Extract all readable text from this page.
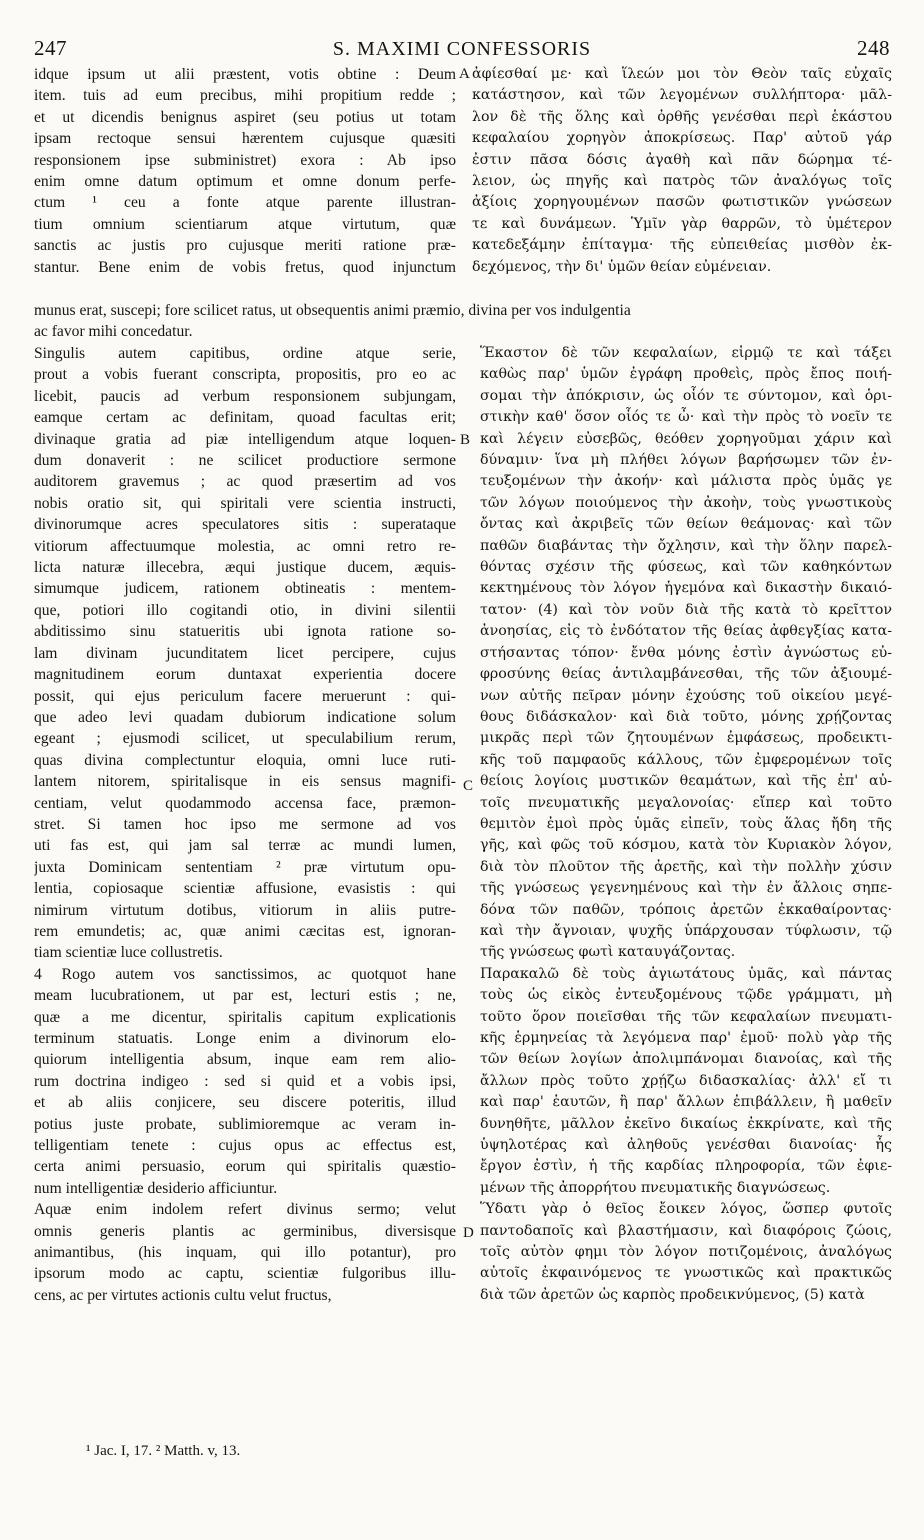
247	S. MAXIMI CONFESSORIS	248
idque ipsum ut alii præstent, votis obtine : Deum
item. tuis ad eum precibus, mihi propitium redde ;
et ut dicendis benignus aspiret (seu potius ut totam
ipsam rectoque sensui hærentem cujusque quæsiti
responsionem ipse subministret) exora : Ab ipso
enim omne datum optimum et omne donum perfe-
ctum ¹ ceu a fonte atque parente illustran-
tium omnium scientiarum atque virtutum, quæ
sanctis ac justis pro cujusque meriti ratione præ-
stantur. Bene enim de vobis fretus, quod injunctum
ἀφίεσθαί με· καὶ ἵλεών μοι τὸν Θεὸν ταῖς εὐχαῖς
κατάστησον, καὶ τῶν λεγομένων συλλήπτορα· μᾶλ-
λον δὲ τῆς ὅλης καὶ ὀρθῆς γενέσθαι περὶ ἑκάστου
κεφαλαίου χορηγὸν ἀποκρίσεως. Παρ' αὐτοῦ γάρ
ἐστιν πᾶσα δόσις ἀγαθὴ καὶ πᾶν δώρημα τέ-
λειον, ὡς πηγῆς καὶ πατρὸς τῶν ἀναλόγως τοῖς
ἀξίοις χορηγουμένων πασῶν φωτιστικῶν γνώσεων
τε καὶ δυνάμεων. Ὑμῖν γὰρ θαρρῶν, τὸ ὑμέτερον
κατεδεξάμην ἐπίταγμα· τῆς εὐπειθείας μισθὸν ἐκ-
δεχόμενος, τὴν δι' ὑμῶν θείαν εὐμένειαν.
A
munus erat, suscepi; fore scilicet ratus, ut obsequentis animi præmio, divina per vos indulgentia
ac favor mihi concedatur.
Singulis autem capitibus, ordine atque serie,
prout a vobis fuerant conscripta, propositis, pro eo ac
licebit, paucis ad verbum responsionem subjungam,
eamque certam ac definitam, quoad facultas erit;
divinaque gratia ad piæ intelligendum atque loquen-
dum donaverit : ne scilicet productiore sermone
auditorem gravemus ; ac quod præsertim ad vos
nobis oratio sit, qui spiritali vere scientia instructi,
divinorumque acres speculatores sitis : superataque
vitiorum affectuumque molestia, ac omni retro re-
licta naturæ illecebra, æqui justique ducem, æquis-
simumque judicem, rationem obtineatis : mentem-
que, potiori illo cogitandi otio, in divini silentii
abditissimo sinu statueritis ubi ignota ratione so-
lam divinam jucunditatem licet percipere, cujus
magnitudinem eorum duntaxat experientia docere
possit, qui ejus periculum facere meruerunt : qui-
que adeo levi quadam dubiorum indicatione solum
egeant ; ejusmodi scilicet, ut speculabilium rerum,
quas divina complectuntur eloquia, omni luce ruti-
lantem nitorem, spiritalisque in eis sensus magnifi-
centiam, velut quodammodo accensa face, præmon-
stret. Si tamen hoc ipso me sermone ad vos
uti fas est, qui jam sal terræ ac mundi lumen,
juxta Dominicam sententiam ² præ virtutum opu-
lentia, copiosaque scientiæ affusione, evasistis : qui
nimirum virtutum dotibus, vitiorum in aliis putre-
rem emundetis; ac, quæ animi cæcitas est, ignoran-
tiam scientiæ luce collustretis.
4 Rogo autem vos sanctissimos, ac quotquot hane
meam lucubrationem, ut par est, lecturi estis ; ne,
quæ a me dicentur, spiritalis capitum explicationis
terminum statuatis. Longe enim a divinorum elo-
quiorum intelligentia absum, inque eam rem alio-
rum doctrina indigeo : sed si quid et a vobis ipsi,
et ab aliis conjicere, seu discere poteritis, illud
potius juste probate, sublimioremque ac veram in-
telligentiam tenete : cujus opus ac effectus est,
certa animi persuasio, eorum qui spiritalis quæstio-
num intelligentiæ desiderio afficiuntur.
Aquæ enim indolem refert divinus sermo; velut
omnis generis plantis ac germinibus, diversisque
animantibus, (his inquam, qui illo potantur), pro
ipsorum modo ac captu, scientiæ fulgoribus illu-
cens, ac per virtutes actionis cultu velut fructus,
Ἕκαστον δὲ τῶν κεφαλαίων, εἱρμῷ τε καὶ τάξει
καθὼς παρ' ὑμῶν ἐγράφη προθεὶς, πρὸς ἔπος ποιή-
σομαι τὴν ἀπόκρισιν, ὡς οἷόν τε σύντομον, καὶ ὁρι-
στικὴν καθ' ὅσον οἷός τε ὦ· καὶ τὴν πρὸς τὸ νοεῖν τε
καὶ λέγειν εὐσεβῶς, θεόθεν χορηγοῦμαι χάριν καὶ
δύναμιν· ἵνα μὴ πλήθει λόγων βαρήσωμεν τῶν ἐν-
τευξομένων τὴν ἀκοήν· καὶ μάλιστα πρὸς ὑμᾶς γε
τῶν λόγων ποιούμενος τὴν ἀκοὴν, τοὺς γνωστικοὺς
ὄντας καὶ ἀκριβεῖς τῶν θείων θεάμονας· καὶ τῶν
παθῶν διαβάντας τὴν ὄχλησιν, καὶ τὴν ὅλην παρελ-
θόντας σχέσιν τῆς φύσεως, καὶ τῶν καθηκόντων
κεκτημένους τὸν λόγον ἡγεμόνα καὶ δικαστὴν δικαιό-
τατον· (4) καὶ τὸν νοῦν διὰ τῆς κατὰ τὸ κρεῖττον
ἀνοησίας, εἰς τὸ ἐνδότατον τῆς θείας ἀφθεγξίας κατα-
στήσαντας τόπον· ἔνθα μόνης ἐστὶν ἀγνώστως εὐ-
φροσύνης θείας ἀντιλαμβάνεσθαι, τῆς τῶν ἀξιουμέ-
νων αὐτῆς πεῖραν μόνην ἐχούσης τοῦ οἰκείου μεγέ-
θους διδάσκαλον· καὶ διὰ τοῦτο, μόνης χρῄζοντας
μικρᾶς περὶ τῶν ζητουμένων ἐμφάσεως, προδεικτι-
κῆς τοῦ παμφαοῦς κάλλους, τῶν ἐμφερομένων τοῖς
θείοις λογίοις μυστικῶν θεαμάτων, καὶ τῆς ἐπ' αὐ-
τοῖς πνευματικῆς μεγαλονοίας· εἴπερ καὶ τοῦτο
θεμιτὸν ἐμοὶ πρὸς ὑμᾶς εἰπεῖν, τοὺς ἅλας ἤδη τῆς
γῆς, καὶ φῶς τοῦ κόσμου, κατὰ τὸν Κυριακὸν λόγον,
διὰ τὸν πλοῦτον τῆς ἀρετῆς, καὶ τὴν πολλὴν χύσιν
τῆς γνώσεως γεγενημένους καὶ τὴν ἐν ἄλλοις σηπε-
δόνα τῶν παθῶν, τρόποις ἀρετῶν ἐκκαθαίροντας·
καὶ τὴν ἄγνοιαν, ψυχῆς ὑπάρχουσαν τύφλωσιν, τῷ
τῆς γνώσεως φωτὶ καταυγάζοντας.
Παρακαλῶ δὲ τοὺς ἁγιωτάτους ὑμᾶς, καὶ πάντας
τοὺς ὡς εἰκὸς ἐντευξομένους τῷδε γράμματι, μὴ
τοῦτο ὅρον ποιεῖσθαι τῆς τῶν κεφαλαίων πνευματι-
κῆς ἑρμηνείας τὰ λεγόμενα παρ' ἐμοῦ· πολὺ γὰρ τῆς
τῶν θείων λογίων ἀπολιμπάνομαι διανοίας, καὶ τῆς
ἄλλων πρὸς τοῦτο χρῄζω διδασκαλίας· ἀλλ' εἴ τι
καὶ παρ' ἑαυτῶν, ἢ παρ' ἄλλων ἐπιβάλλειν, ἢ μαθεῖν
δυνηθῆτε, μᾶλλον ἐκεῖνο δικαίως ἐκκρίνατε, καὶ τῆς
ὑψηλοτέρας καὶ ἀληθοῦς γενέσθαι διανοίας· ἧς
ἔργον ἐστὶν, ἡ τῆς καρδίας πληροφορία, τῶν ἐφιε-
μένων τῆς ἀπορρήτου πνευματικῆς διαγνώσεως.
Ὕδατι γὰρ ὁ θεῖος ἔοικεν λόγος, ὥσπερ φυτοῖς
παντοδαποῖς καὶ βλαστήμασιν, καὶ διαφόροις ζώοις,
τοῖς αὐτὸν φημι τὸν λόγον ποτιζομένοις, ἀναλόγως
αὐτοῖς ἐκφαινόμενος τε γνωστικῶς καὶ πρακτικῶς
διὰ τῶν ἀρετῶν ὡς καρπὸς προδεικνύμενος, (5) κατὰ
B
C
D
¹ Jac. I, 17. ² Matth. v, 13.
